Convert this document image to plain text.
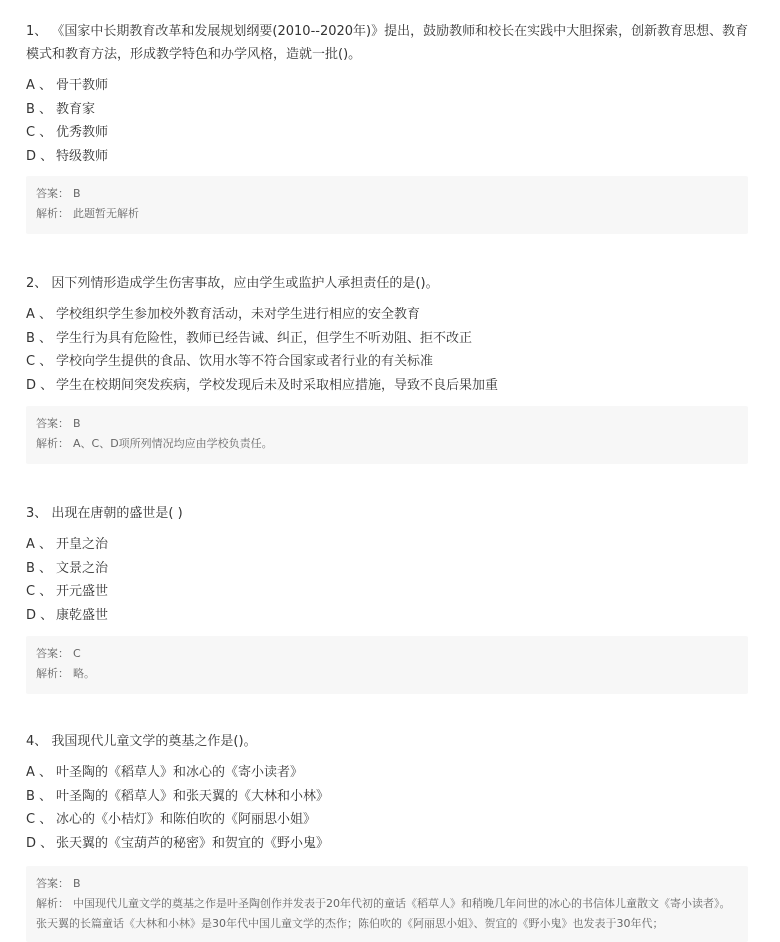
1、 《国家中长期教育改革和发展规划纲要(2010--2020年)》提出，鼓励教师和校长在实践中大胆探索，创新教育思想、教育模式和教育方法，形成教学特色和办学风格，造就一批()。
A 、 骨干教师
B 、 教育家
C 、 优秀教师
D 、 特级教师
答案： B
解析： 此题暂无解析
2、 因下列情形造成学生伤害事故，应由学生或监护人承担责任的是()。
A 、 学校组织学生参加校外教育活动，未对学生进行相应的安全教育
B 、 学生行为具有危险性，教师已经告诫、纠正，但学生不听劝阻、拒不改正
C 、 学校向学生提供的食品、饮用水等不符合国家或者行业的有关标准
D 、 学生在校期间突发疾病，学校发现后未及时采取相应措施，导致不良后果加重
答案： B
解析： A、C、D项所列情况均应由学校负责任。
3、 出现在唐朝的盛世是( )
A 、 开皇之治
B 、 文景之治
C 、 开元盛世
D 、 康乾盛世
答案： C
解析： 略。
4、 我国现代儿童文学的奠基之作是()。
A 、 叶圣陶的《稻草人》和冰心的《寄小读者》
B 、 叶圣陶的《稻草人》和张天翼的《大林和小林》
C 、 冰心的《小桔灯》和陈伯吹的《阿丽思小姐》
D 、 张天翼的《宝葫芦的秘密》和贺宜的《野小鬼》
答案： B
解析： 中国现代儿童文学的奠基之作是叶圣陶创作并发表于20年代初的童话《稻草人》和稍晚几年问世的冰心的书信体儿童散文《寄小读者》。张天翼的长篇童话《大林和小林》是30年代中国儿童文学的杰作；陈伯吹的《阿丽思小姐》、贺宜的《野小鬼》也发表于30年代；
